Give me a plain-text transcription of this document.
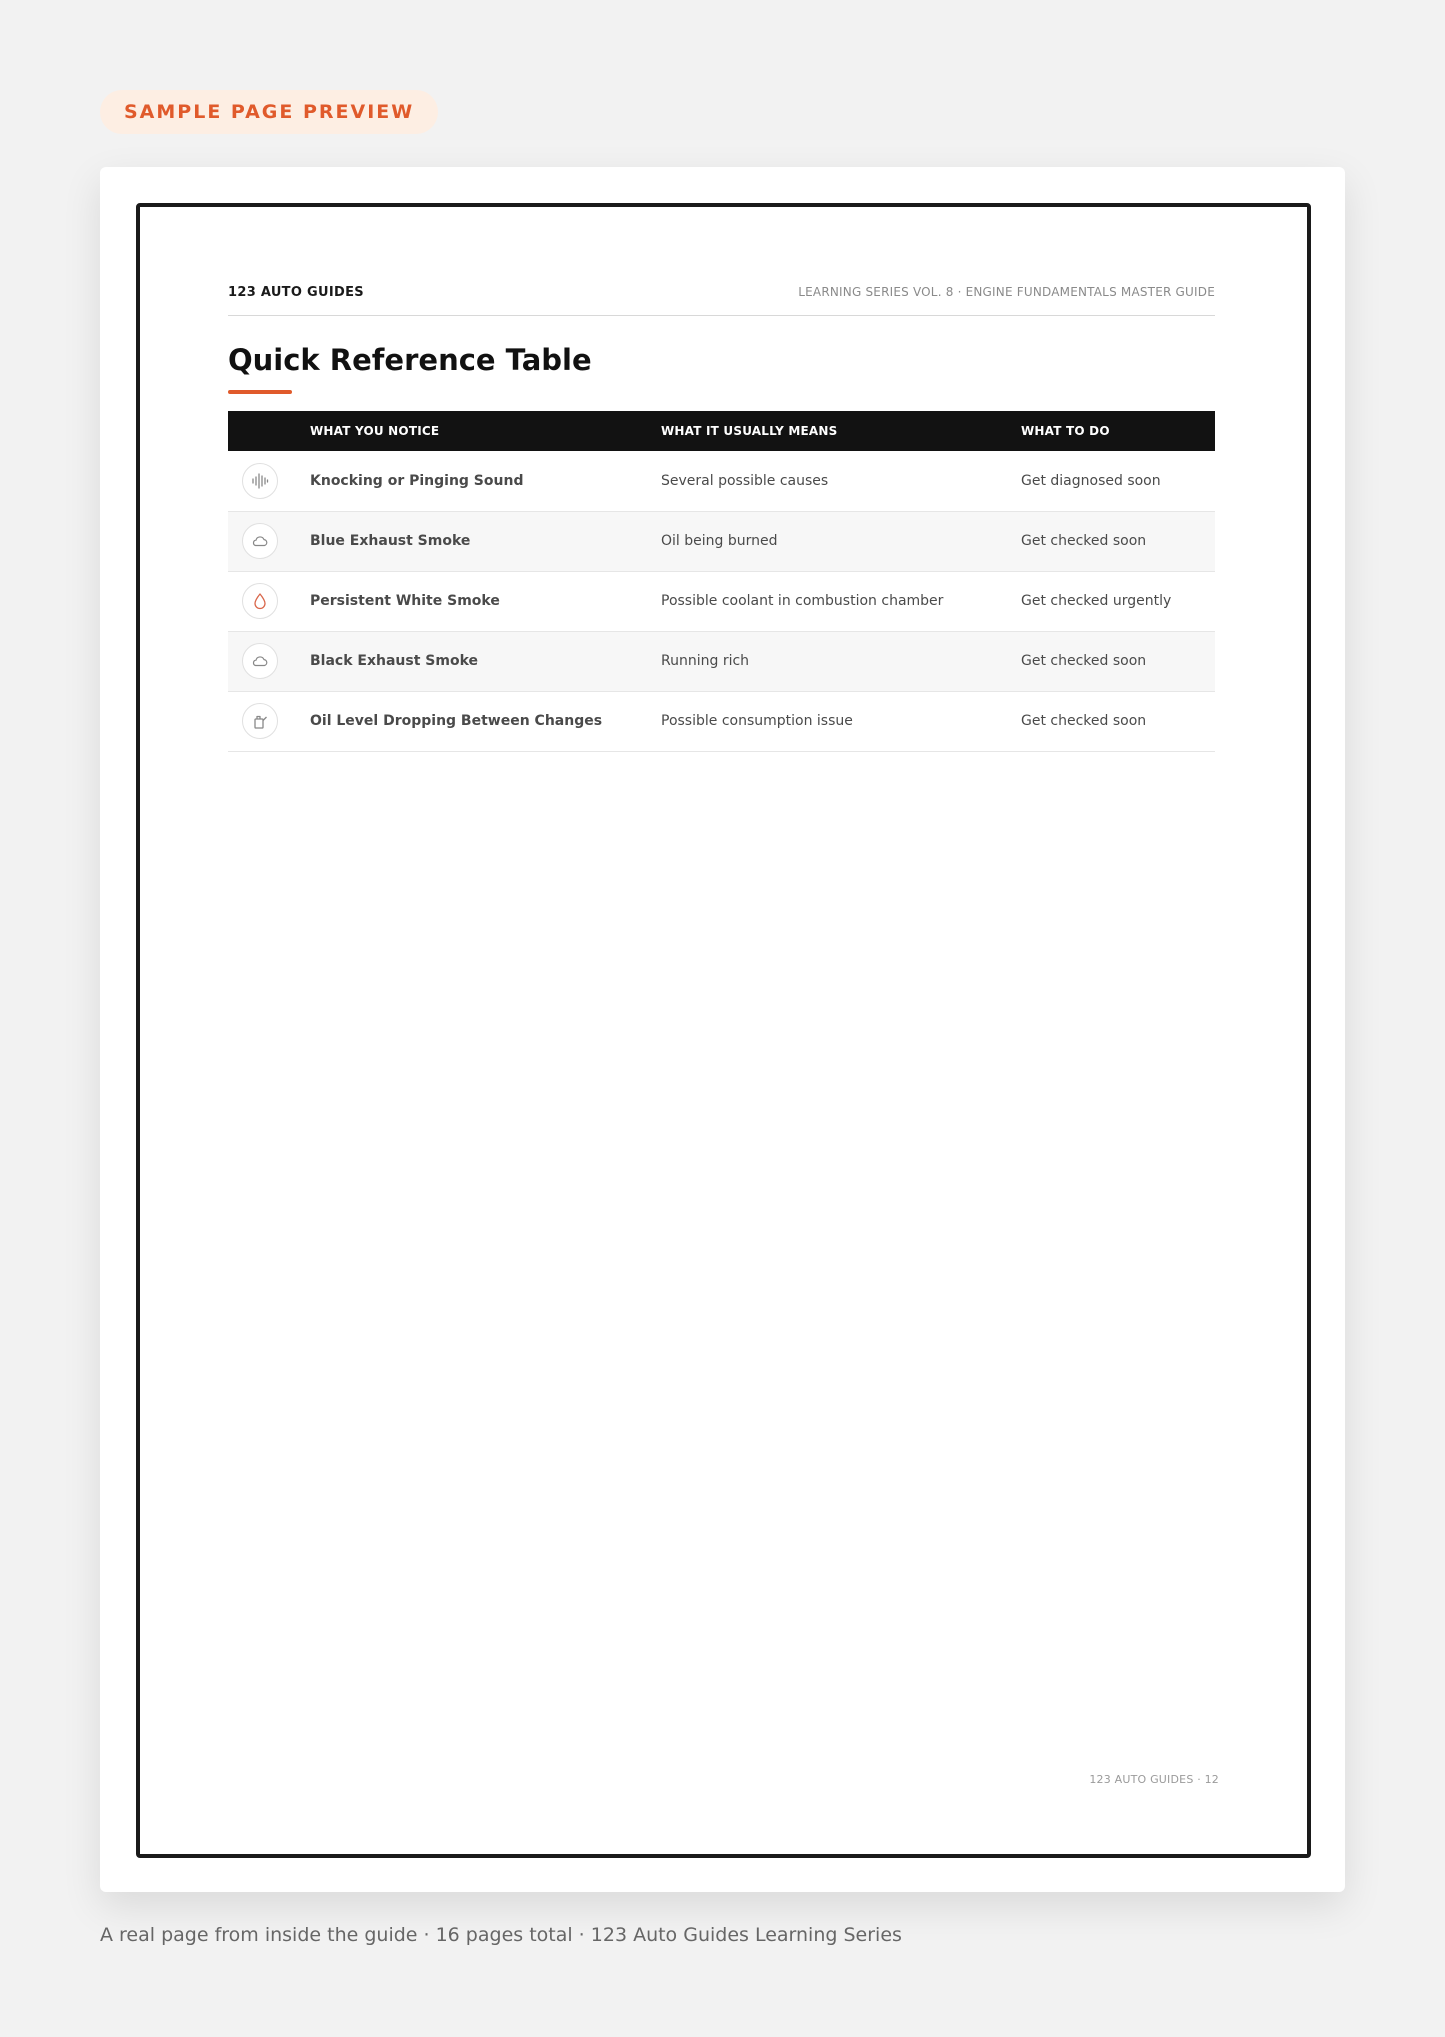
SAMPLE PAGE PREVIEW
123 AUTO GUIDES	LEARNING SERIES VOL. 8 · ENGINE FUNDAMENTALS MASTER GUIDE
Quick Reference Table
	WHAT YOU NOTICE	WHAT IT USUALLY MEANS	WHAT TO DO

	Knocking or Pinging Sound	Several possible causes	Get diagnosed soon

	Blue Exhaust Smoke	Oil being burned	Get checked soon

	Persistent White Smoke	Possible coolant in combustion chamber	Get checked urgently

	Black Exhaust Smoke	Running rich	Get checked soon

	Oil Level Dropping Between Changes	Possible consumption issue	Get checked soon
123 AUTO GUIDES · 12
A real page from inside the guide · 16 pages total · 123 Auto Guides Learning Series
